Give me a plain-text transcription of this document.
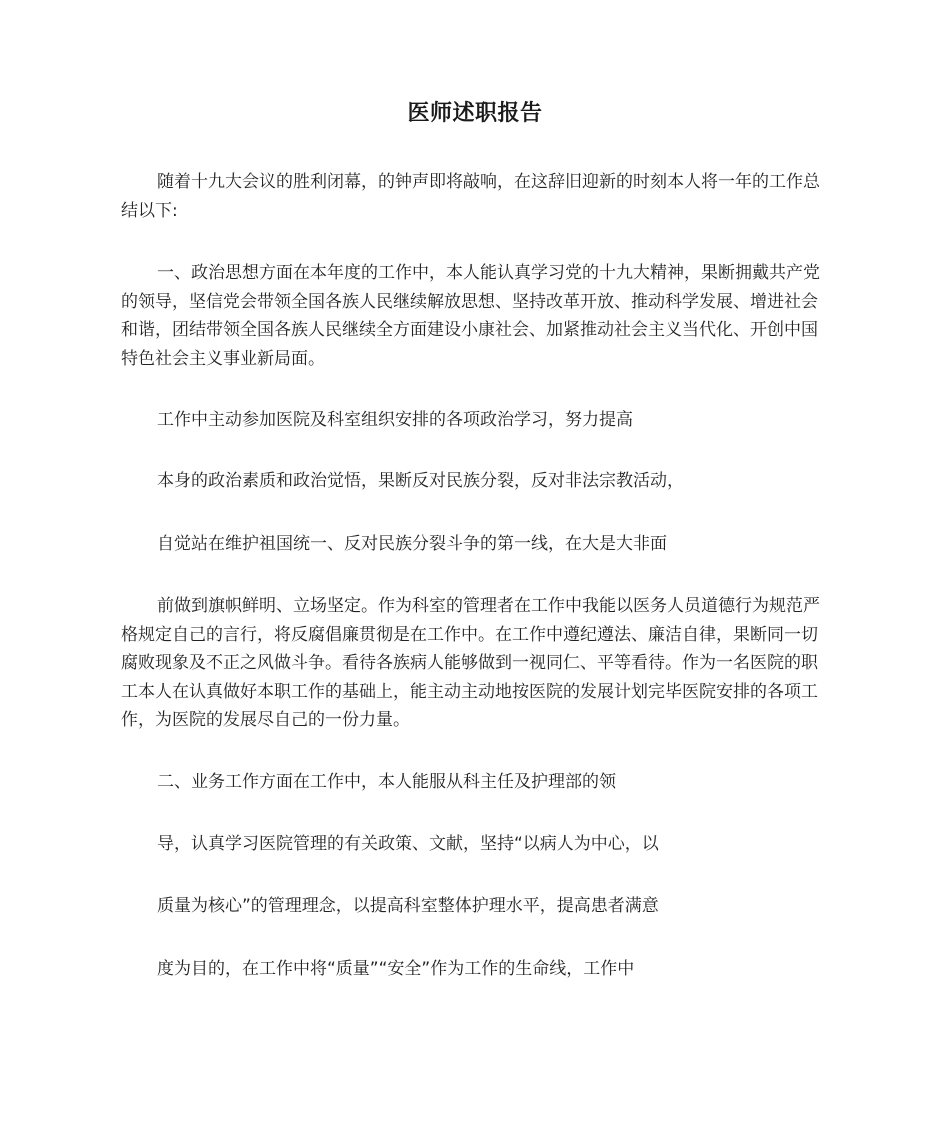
医师述职报告

随着十九大会议的胜利闭幕，的钟声即将敲响，在这辞旧迎新的时刻本人将一年的工作总结以下:

一、政治思想方面在本年度的工作中，本人能认真学习党的十九大精神，果断拥戴共产党的领导，坚信党会带领全国各族人民继续解放思想、坚持改革开放、推动科学发展、增进社会和谐，团结带领全国各族人民继续全方面建设小康社会、加紧推动社会主义当代化、开创中国特色社会主义事业新局面。

工作中主动参加医院及科室组织安排的各项政治学习，努力提高

本身的政治素质和政治觉悟，果断反对民族分裂，反对非法宗教活动，

自觉站在维护祖国统一、反对民族分裂斗争的第一线，在大是大非面

前做到旗帜鲜明、立场坚定。作为科室的管理者在工作中我能以医务人员道德行为规范严格规定自己的言行，将反腐倡廉贯彻是在工作中。在工作中遵纪遵法、廉洁自律，果断同一切腐败现象及不正之风做斗争。看待各族病人能够做到一视同仁、平等看待。作为一名医院的职工本人在认真做好本职工作的基础上，能主动主动地按医院的发展计划完毕医院安排的各项工作，为医院的发展尽自己的一份力量。

二、业务工作方面在工作中，本人能服从科主任及护理部的领

导，认真学习医院管理的有关政策、文献，坚持“以病人为中心，以

质量为核心”的管理理念，以提高科室整体护理水平，提高患者满意

度为目的，在工作中将“质量”“安全”作为工作的生命线，工作中
